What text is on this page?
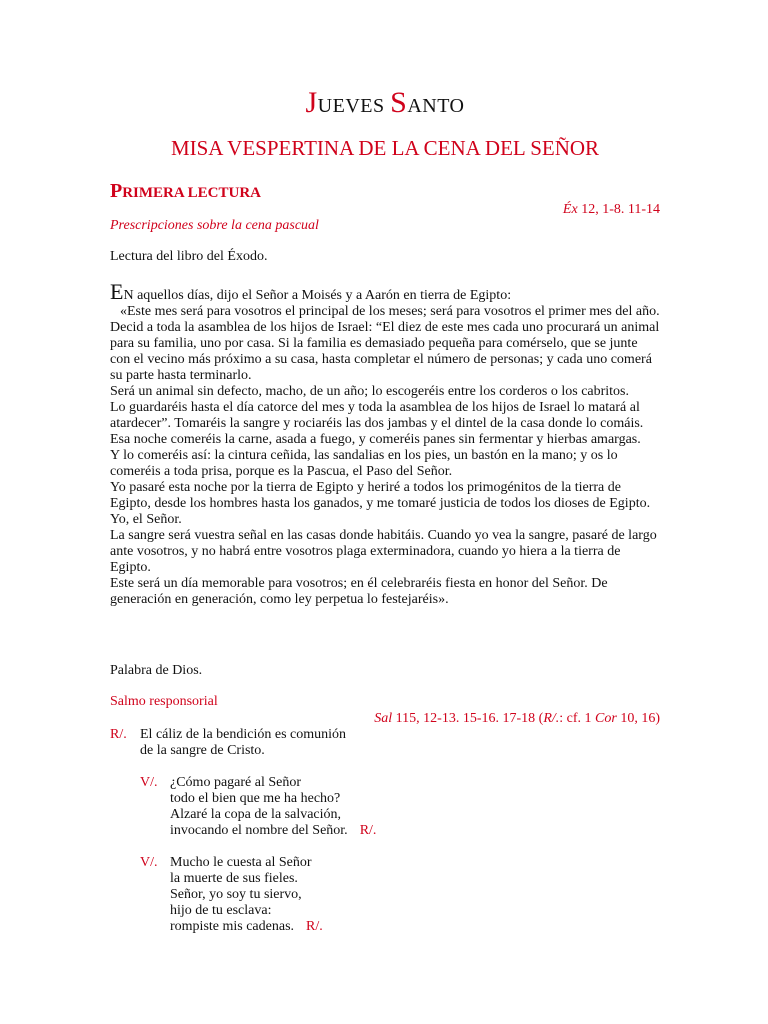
JUEVES SANTO
MISA VESPERTINA DE LA CENA DEL SEÑOR
PRIMERA LECTURA
Éx 12, 1-8. 11-14
Prescripciones sobre la cena pascual
Lectura del libro del Éxodo.

EN aquellos días, dijo el Señor a Moisés y a Aarón en tierra de Egipto:

«Este mes será para vosotros el principal de los meses; será para vosotros el primer mes del año. Decid a toda la asamblea de los hijos de Israel: “El diez de este mes cada uno procurará un animal para su familia, uno por casa. Si la familia es demasiado pequeña para comérselo, que se junte con el vecino más próximo a su casa, hasta completar el número de personas; y cada uno comerá su parte hasta terminarlo.

Será un animal sin defecto, macho, de un año; lo escogeréis entre los corderos o los cabritos.

Lo guardaréis hasta el día catorce del mes y toda la asamblea de los hijos de Israel lo matará al atardecer”. Tomaréis la sangre y rociaréis las dos jambas y el dintel de la casa donde lo comáis. Esa noche comeréis la carne, asada a fuego, y comeréis panes sin fermentar y hierbas amargas.

Y lo comeréis así: la cintura ceñida, las sandalias en los pies, un bastón en la mano; y os lo comeréis a toda prisa, porque es la Pascua, el Paso del Señor.

Yo pasaré esta noche por la tierra de Egipto y heriré a todos los primogénitos de la tierra de Egipto, desde los hombres hasta los ganados, y me tomaré justicia de todos los dioses de Egipto. Yo, el Señor.

La sangre será vuestra señal en las casas donde habitáis. Cuando yo vea la sangre, pasaré de largo ante vosotros, y no habrá entre vosotros plaga exterminadora, cuando yo hiera a la tierra de Egipto.

Este será un día memorable para vosotros; en él celebraréis fiesta en honor del Señor. De generación en generación, como ley perpetua lo festejaréis».

Palabra de Dios.
Salmo responsorial
Sal 115, 12-13. 15-16. 17-18 (R/.: cf. 1 Cor 10, 16)
R/. El cáliz de la bendición es comunión
de la sangre de Cristo.
V/. ¿Cómo pagaré al Señor
todo el bien que me ha hecho?
Alzaré la copa de la salvación,
invocando el nombre del Señor. R/.
V/. Mucho le cuesta al Señor
la muerte de sus fieles.
Señor, yo soy tu siervo,
hijo de tu esclava:
rompiste mis cadenas. R/.
